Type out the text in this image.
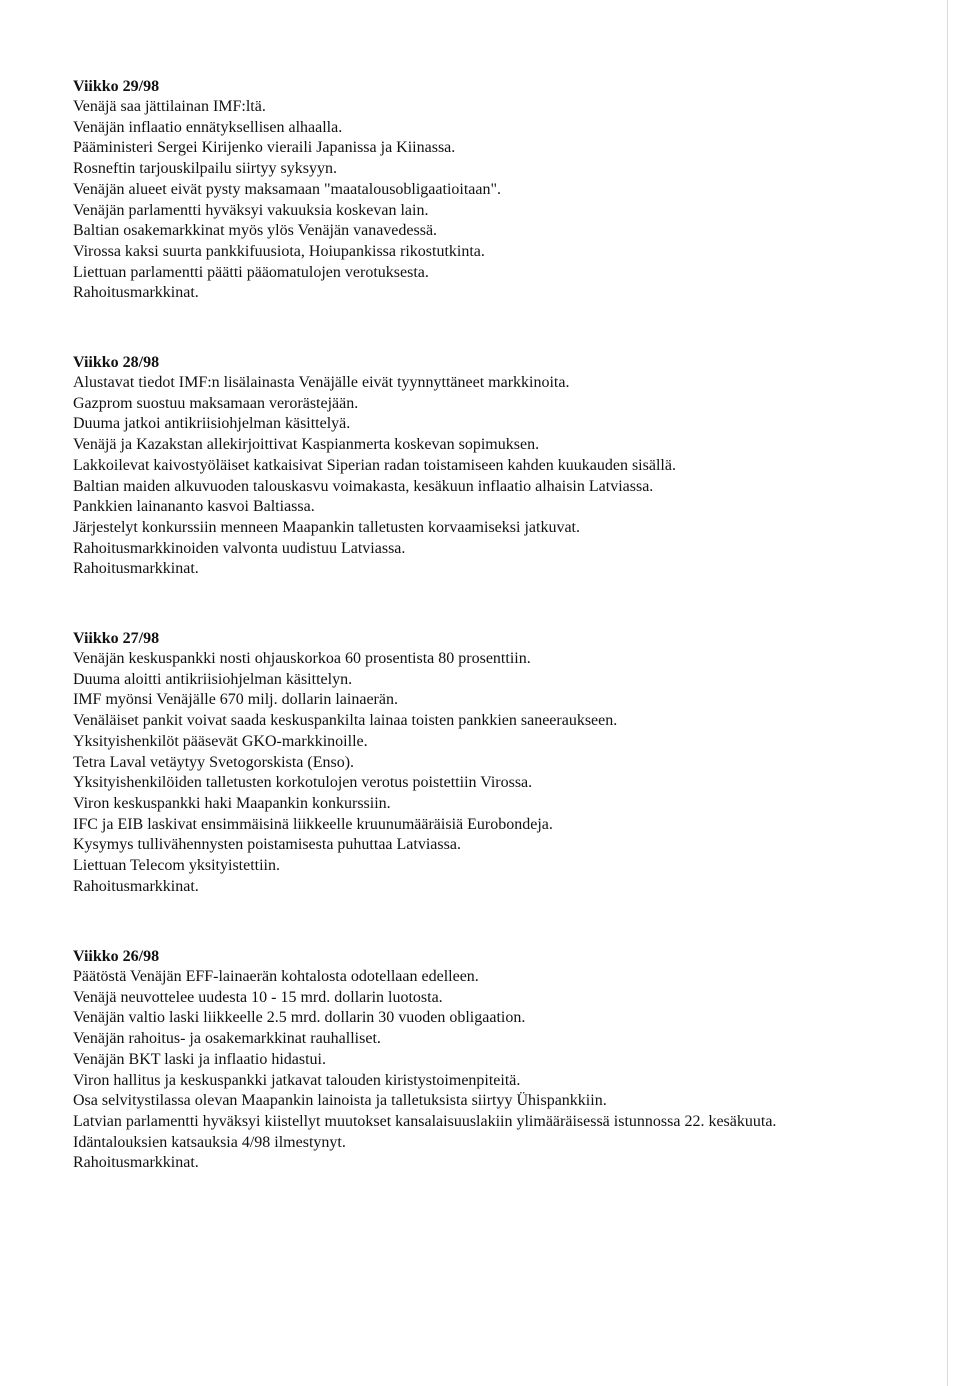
Viikko 29/98
Venäjä saa jättilainan IMF:ltä.
Venäjän inflaatio ennätyksellisen alhaalla.
Pääministeri Sergei Kirijenko vieraili Japanissa ja Kiinassa.
Rosneftin tarjouskilpailu siirtyy syksyyn.
Venäjän alueet eivät pysty maksamaan "maatalousobligaatioitaan".
Venäjän parlamentti hyväksyi vakuuksia koskevan lain.
Baltian osakemarkkinat myös ylös Venäjän vanavedessä.
Virossa kaksi suurta pankkifuusiota, Hoiupankissa rikostutkinta.
Liettuan parlamentti päätti pääomatulojen verotuksesta.
Rahoitusmarkkinat.
Viikko 28/98
Alustavat tiedot IMF:n lisälainasta Venäjälle eivät tyynnyttäneet markkinoita.
Gazprom suostuu maksamaan verorästejään.
Duuma jatkoi antikriisiohjelman käsittelyä.
Venäjä ja Kazakstan allekirjoittivat Kaspianmerta koskevan sopimuksen.
Lakkoilevat kaivostyöläiset katkaisivat Siperian radan toistamiseen kahden kuukauden sisällä.
Baltian maiden alkuvuoden talouskasvu voimakasta, kesäkuun inflaatio alhaisin Latviassa.
Pankkien lainananto kasvoi Baltiassa.
Järjestelyt konkurssiin menneen Maapankin talletusten korvaamiseksi jatkuvat.
Rahoitusmarkkinoiden valvonta uudistuu Latviassa.
Rahoitusmarkkinat.
Viikko 27/98
Venäjän keskuspankki nosti ohjauskorkoa 60 prosentista 80 prosenttiin.
Duuma aloitti antikriisiohjelman käsittelyn.
IMF myönsi Venäjälle 670 milj. dollarin lainaerän.
Venäläiset pankit voivat saada keskuspankilta lainaa toisten pankkien saneeraukseen.
Yksityishenkilöt pääsevät GKO-markkinoille.
Tetra Laval vetäytyy Svetogorskista (Enso).
Yksityishenkilöiden talletusten korkotulojen verotus poistettiin Virossa.
Viron keskuspankki haki Maapankin konkurssiin.
IFC ja EIB laskivat ensimmäisinä liikkeelle kruunumääräisiä Eurobondeja.
Kysymys tullivähennysten poistamisesta puhuttaa Latviassa.
Liettuan Telecom yksityistettiin.
Rahoitusmarkkinat.
Viikko 26/98
Päätöstä Venäjän EFF-lainaerän kohtalosta odotellaan edelleen.
Venäjä neuvottelee uudesta 10 - 15 mrd. dollarin luotosta.
Venäjän valtio laski liikkeelle 2.5 mrd. dollarin 30 vuoden obligaation.
Venäjän rahoitus- ja osakemarkkinat rauhalliset.
Venäjän BKT laski ja inflaatio hidastui.
Viron hallitus ja keskuspankki jatkavat talouden kiristystoimenpiteitä.
Osa selvitystilassa olevan Maapankin lainoista ja talletuksista siirtyy Ühispankkiin.
Latvian parlamentti hyväksyi kiistellyt muutokset kansalaisuuslakiin ylimääräisessä istunnossa 22. kesäkuuta.
Idäntalouksien katsauksia 4/98 ilmestynyt.
Rahoitusmarkkinat.
